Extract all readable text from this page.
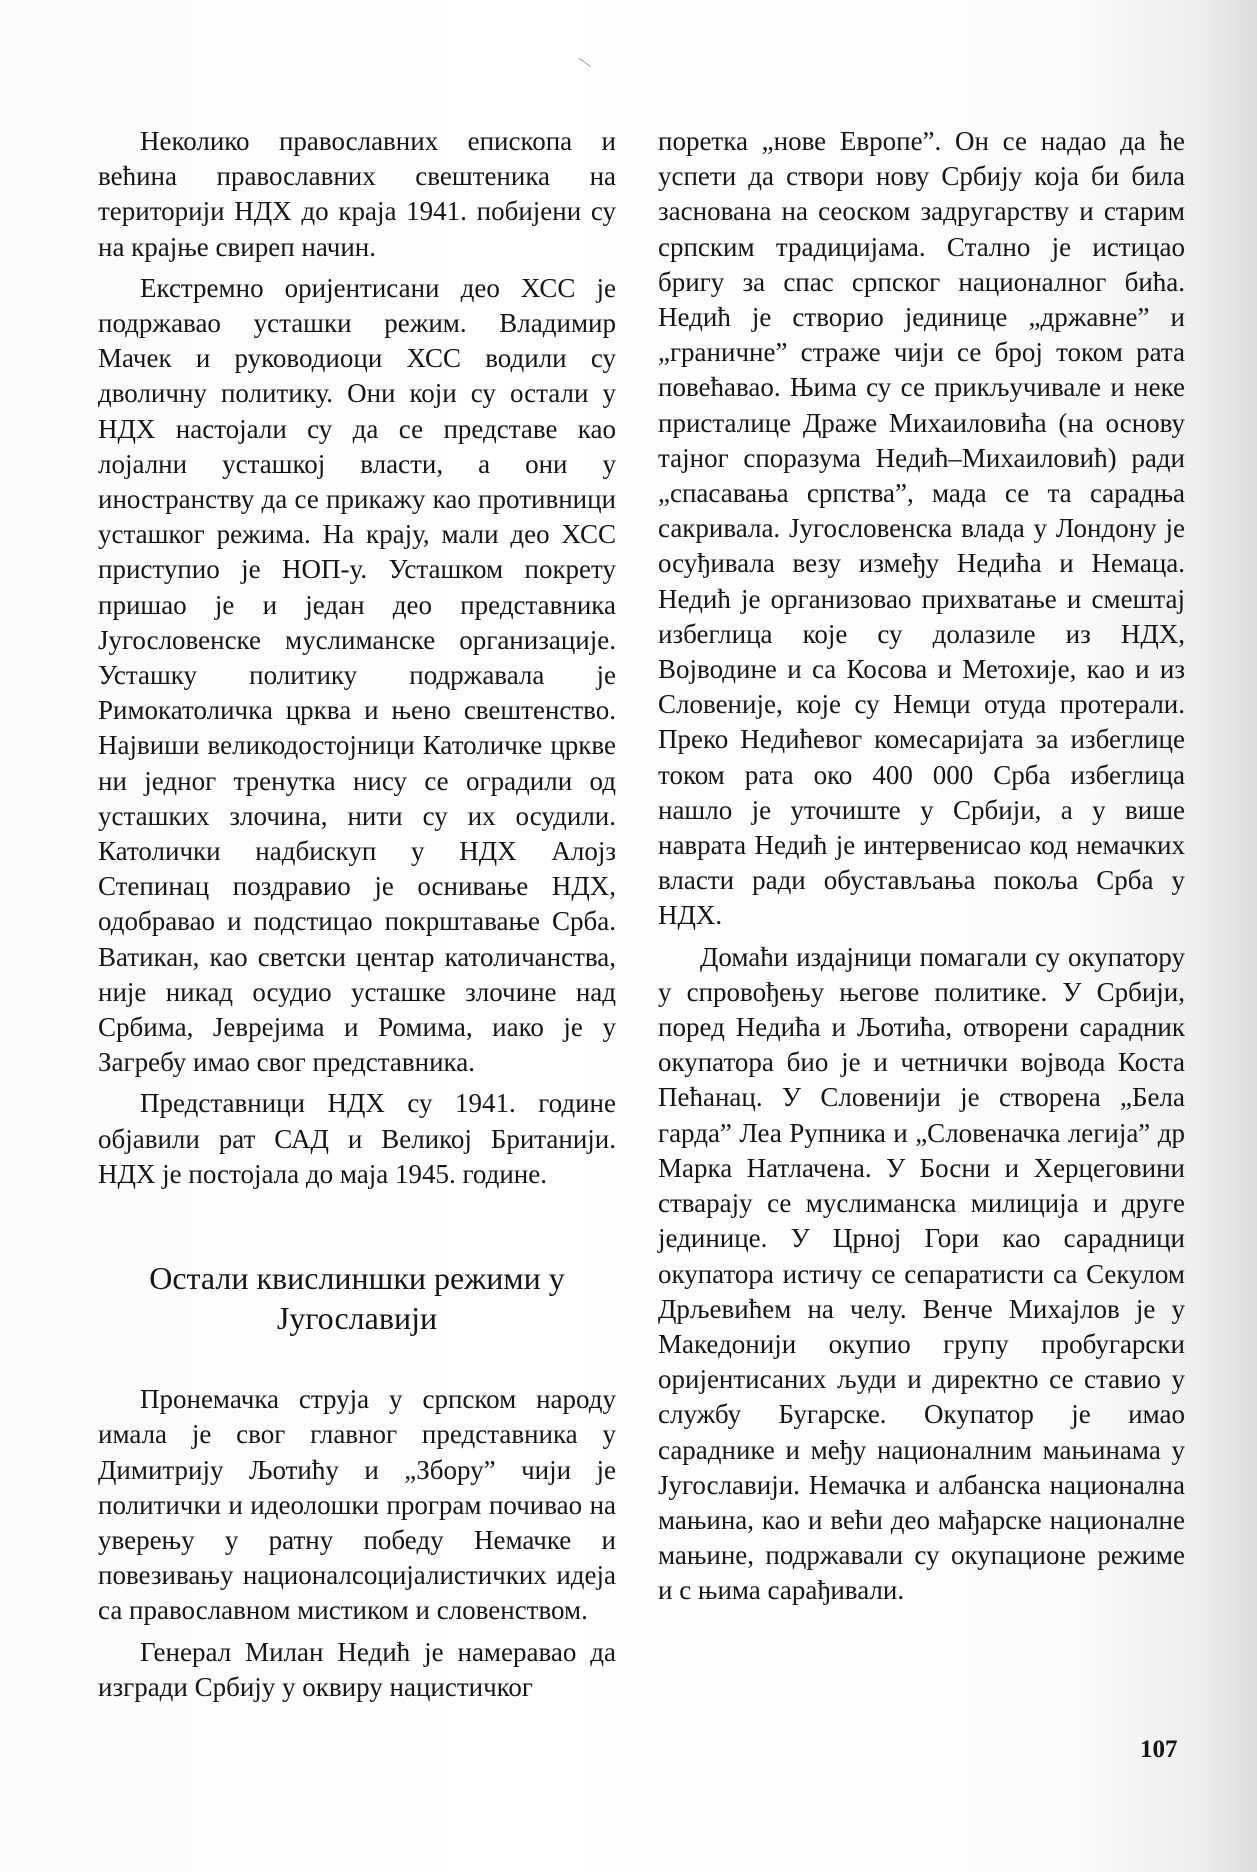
Неколико православних епископа и већина православних свештеника на територији НДХ до краја 1941. побијени су на крајње свиреп начин.

Екстремно оријентисани део ХСС је подржавао усташки режим. Владимир Мачек и руководиоци ХСС водили су дволичну политику. Они који су остали у НДХ настојали су да се представе као лојални усташкој власти, а они у иностранству да се прикажу као противници усташког режима. На крају, мали део ХСС приступио је НОП-у. Усташком покрету пришао је и један део представника Југословенске муслиманске организације. Усташку политику подржавала је Римокатоличка црква и њено свештенство. Највиши великодостојници Католичке цркве ни једног тренутка нису се оградили од усташких злочина, нити су их осудили. Католички надбискуп у НДХ Алојз Степинац поздравио је оснивање НДХ, одобравао и подстицао покрштавање Срба. Ватикан, као светски центар католичанства, није никад осудио усташке злочине над Србима, Јеврејима и Ромима, иако је у Загребу имао свог представника.

Представници НДХ су 1941. године објавили рат САД и Великој Британији. НДХ је постојала до маја 1945. године.

Остали квислиншки режими у Југославији

Пронемачка струја у српском народу имала је свог главног представника у Димитрију Љотићу и „Збору” чији је политички и идеолошки програм почивао на уверењу у ратну победу Немачке и повезивању националсоцијалистичких идеја са православном мистиком и словенством.

Генерал Милан Недић је намеравао да изгради Србију у оквиру нацистичког

поретка „нове Европе”. Он се надао да ће успети да створи нову Србију која би била заснована на сеоском задругарству и старим српским традицијама. Стално је истицао бригу за спас српског националног бића. Недић је створио јединице „државне” и „граничне” страже чији се број током рата повећавао. Њима су се прикључивале и неке присталице Драже Михаиловића (на основу тајног споразума Недић–Михаиловић) ради „спасавања српства”, мада се та сарадња сакривала. Југословенска влада у Лондону је осуђивала везу између Недића и Немаца. Недић је организовао прихватање и смештај избеглица које су долазиле из НДХ, Војводине и са Косова и Метохије, као и из Словеније, које су Немци отуда протерали. Преко Недићевог комесаријата за избеглице током рата око 400 000 Срба избеглица нашло је уточиште у Србији, а у више наврата Недић је интервенисао код немачких власти ради обустављања покоља Срба у НДХ.

Домаћи издајници помагали су окупатору у спровођењу његове политике. У Србији, поред Недића и Љотића, отворени сарадник окупатора био је и четнички војвода Коста Пећанац. У Словенији је створена „Бела гарда” Леа Рупника и „Словеначка легија” др Марка Натлачена. У Босни и Херцеговини стварају се муслиманска милиција и друге јединице. У Црној Гори као сарадници окупатора истичу се сепаратисти са Секулом Дрљевићем на челу. Венче Михајлов је у Македонији окупио групу пробугарски оријентисаних људи и директно се ставио у службу Бугарске. Окупатор је имао сараднике и међу националним мањинама у Југославији. Немачка и албанска национална мањина, као и већи део мађарске националне мањине, подржавали су окупационе режиме и с њима сарађивали.

107
